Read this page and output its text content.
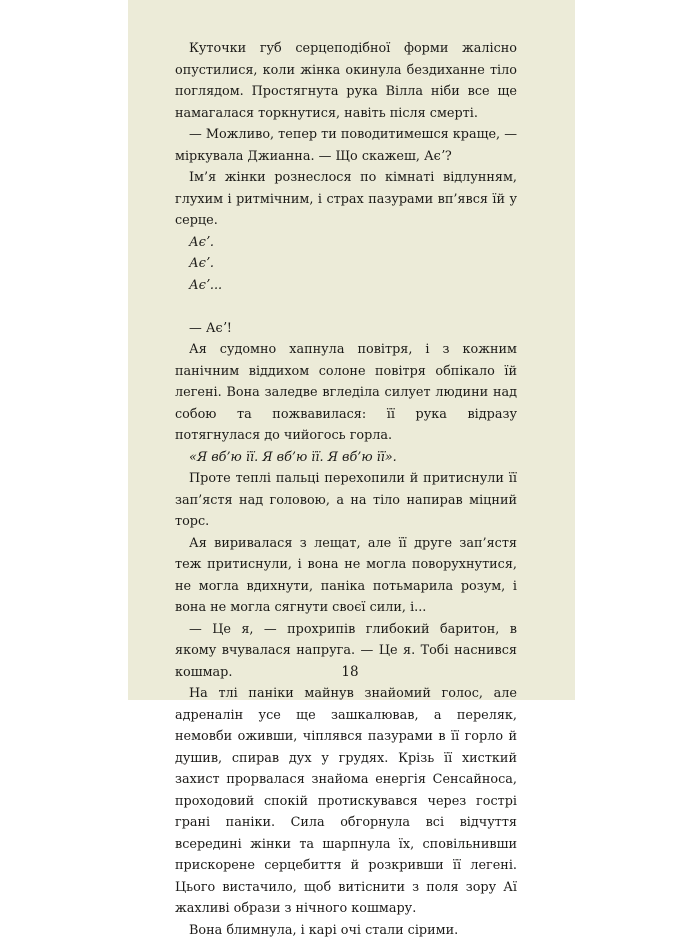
Куточки губ серцеподібної форми жалісно опустилися, коли жінка окинула бездиханне тіло поглядом. Простягнута рука Вілла ніби все ще намагалася торкнутися, навіть після смерті.

— Можливо, тепер ти поводитимешся краще, — міркувала Джианна. — Що скажеш, Аєʼ?

Ім’я жінки рознеслося по кімнаті відлунням, глухим і ритмічним, і страх пазурами вп’явся їй у серце.

Аєʼ.

Аєʼ.

Аєʼ...

— Аєʼ!

Ая судомно хапнула повітря, і з кожним панічним віддихом солоне повітря обпікало їй легені. Вона заледве вгледіла силует людини над собою та пожвавилася: її рука відразу потягнулася до чийогось горла.

«Я вб’ю її. Я вб’ю її. Я вб’ю її».

Проте теплі пальці перехопили й притиснули її зап’ястя над головою, а на тіло напирав міцний торс.

Ая виривалася з лещат, але її друге зап’ястя теж притиснули, і вона не могла поворухнутися, не могла вдихнути, паніка потьмарила розум, і вона не могла сягнути своєї сили, і...

— Це я, — прохрипів глибокий баритон, в якому вчувалася напруга. — Це я. Тобі наснився кошмар.

На тлі паніки майнув знайомий голос, але адреналін усе ще зашкалював, а переляк, немовби оживши, чіплявся пазурами в її горло й душив, спирав дух у грудях. Крізь її хисткий захист прорвалася знайома енергія Сенсайноса, проходовий спокій протискувався через гострі грані паніки. Сила обгорнула всі відчуття всередині жінки та шарпнула їх, сповільнивши прискорене серцебиття й розкривши її легені. Цього вистачило, щоб витіснити з поля зору Аї жахливі образи з нічного кошмару.

Вона блимнула, і карі очі стали сірими.

18
